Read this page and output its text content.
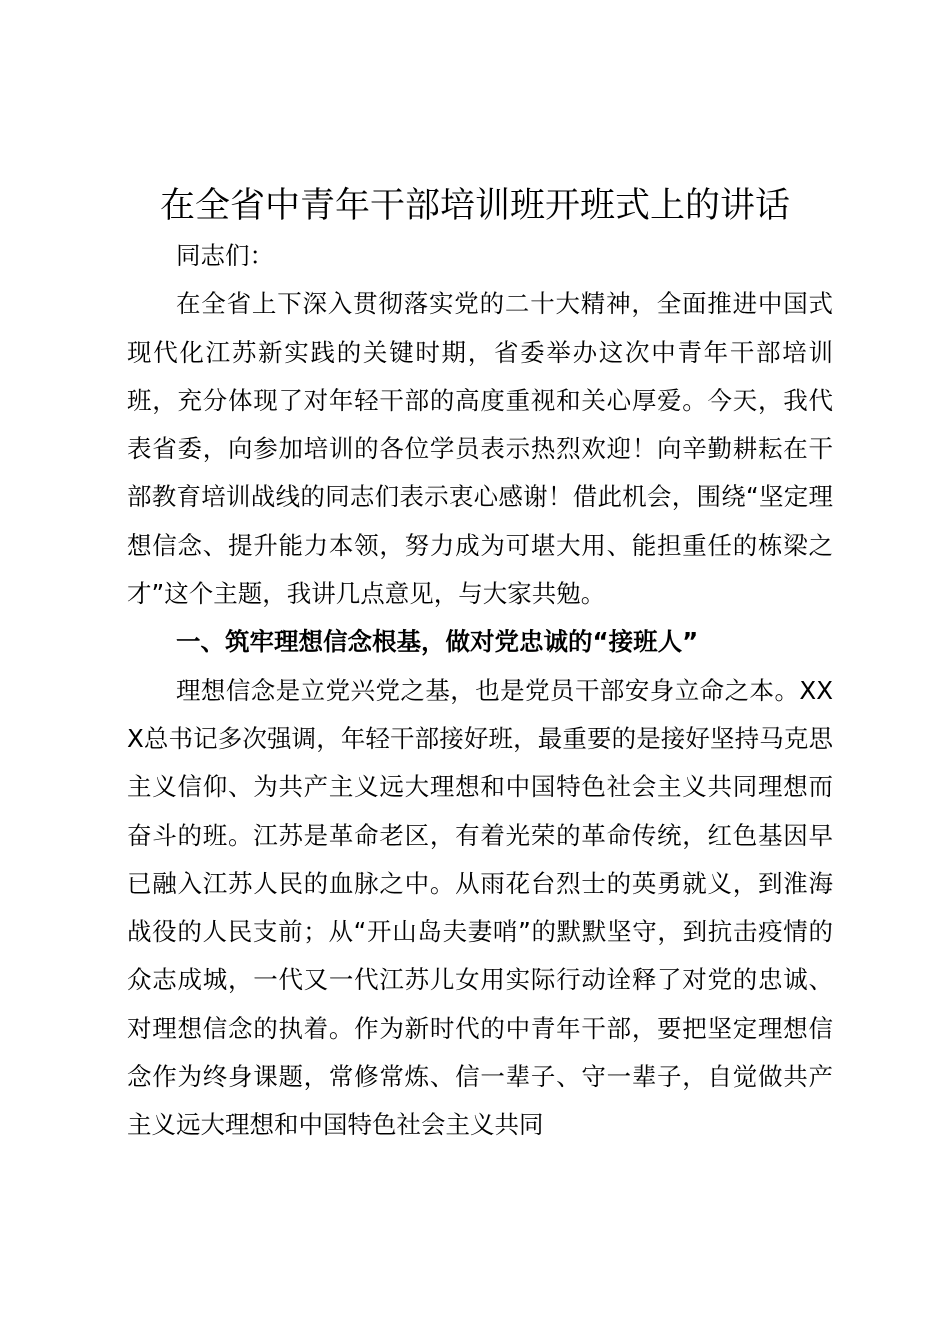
在全省中青年干部培训班开班式上的讲话

同志们：

在全省上下深入贯彻落实党的二十大精神，全面推进中国式现代化江苏新实践的关键时期，省委举办这次中青年干部培训班，充分体现了对年轻干部的高度重视和关心厚爱。今天，我代表省委，向参加培训的各位学员表示热烈欢迎！向辛勤耕耘在干部教育培训战线的同志们表示衷心感谢！借此机会，围绕“坚定理想信念、提升能力本领，努力成为可堪大用、能担重任的栋梁之才”这个主题，我讲几点意见，与大家共勉。

一、筑牢理想信念根基，做对党忠诚的“接班人”

理想信念是立党兴党之基，也是党员干部安身立命之本。XXX总书记多次强调，年轻干部接好班，最重要的是接好坚持马克思主义信仰、为共产主义远大理想和中国特色社会主义共同理想而奋斗的班。江苏是革命老区，有着光荣的革命传统，红色基因早已融入江苏人民的血脉之中。从雨花台烈士的英勇就义，到淮海战役的人民支前；从“开山岛夫妻哨”的默默坚守，到抗击疫情的众志成城，一代又一代江苏儿女用实际行动诠释了对党的忠诚、对理想信念的执着。作为新时代的中青年干部，要把坚定理想信念作为终身课题，常修常炼、信一辈子、守一辈子，自觉做共产主义远大理想和中国特色社会主义共同
